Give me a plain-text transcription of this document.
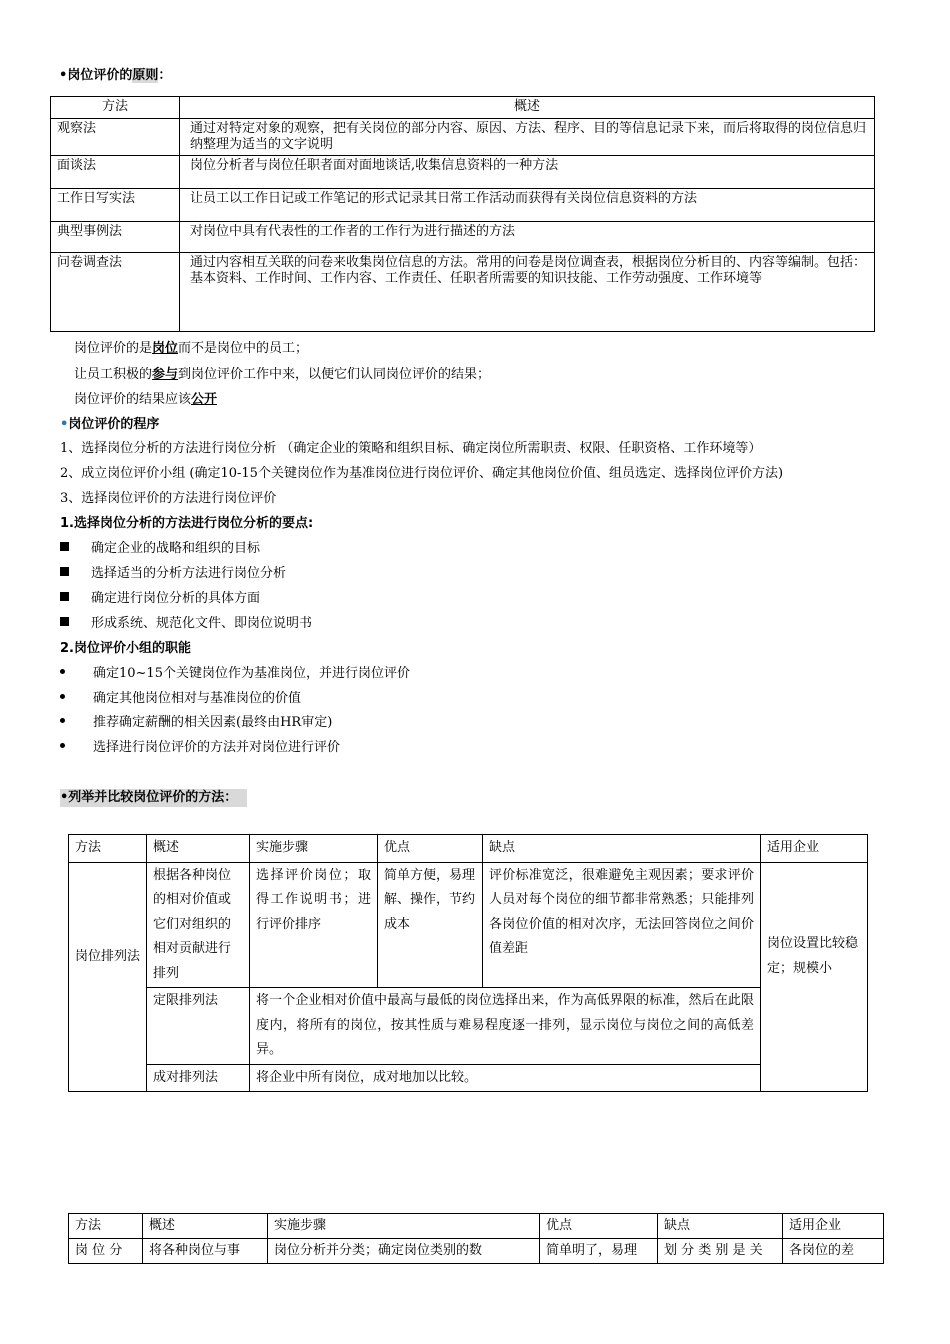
•岗位评价的原则：
方法	概述
观察法	通过对特定对象的观察，把有关岗位的部分内容、原因、方法、程序、目的等信息记录下来，而后将取得的岗位信息归纳整理为适当的文字说明
面谈法	岗位分析者与岗位任职者面对面地谈话,收集信息资料的一种方法
工作日写实法	让员工以工作日记或工作笔记的形式记录其日常工作活动而获得有关岗位信息资料的方法
典型事例法	对岗位中具有代表性的工作者的工作行为进行描述的方法
问卷调查法	通过内容相互关联的问卷来收集岗位信息的方法。常用的问卷是岗位调查表，根据岗位分析目的、内容等编制。包括：基本资料、工作时间、工作内容、工作责任、任职者所需要的知识技能、工作劳动强度、工作环境等
岗位评价的是岗位而不是岗位中的员工；
让员工积极的参与到岗位评价工作中来，以便它们认同岗位评价的结果；
岗位评价的结果应该公开
•岗位评价的程序
1、选择岗位分析的方法进行岗位分析 （确定企业的策略和组织目标、确定岗位所需职责、权限、任职资格、工作环境等）
2、成立岗位评价小组 (确定10-15个关键岗位作为基准岗位进行岗位评价、确定其他岗位价值、组员选定、选择岗位评价方法)
3、选择岗位评价的方法进行岗位评价
1.选择岗位分析的方法进行岗位分析的要点:
确定企业的战略和组织的目标
选择适当的分析方法进行岗位分析
确定进行岗位分析的具体方面
形成系统、规范化文件、即岗位说明书
2.岗位评价小组的职能
确定10~15个关键岗位作为基准岗位，并进行岗位评价
确定其他岗位相对与基准岗位的价值
推荐确定薪酬的相关因素(最终由HR审定)
选择进行岗位评价的方法并对岗位进行评价
•列举并比较岗位评价的方法：
方法	概述	实施步骤	优点	缺点	适用企业

岗位排列法	根据各种岗位的相对价值或它们对组织的相对贡献进行排列	选择评价岗位；取得工作说明书；进行评价排序	简单方便，易理解、操作，节约成本	评价标准宽泛，很难避免主观因素；要求评价人员对每个岗位的细节都非常熟悉；只能排列各岗位价值的相对次序，无法回答岗位之间价值差距	岗位设置比较稳定；规模小

	定限排列法	将一个企业相对价值中最高与最低的岗位选择出来，作为高低界限的标准，然后在此限度内，将所有的岗位，按其性质与难易程度逐一排列，显示岗位与岗位之间的高低差异。			
	成对排列法	将企业中所有岗位，成对地加以比较。			
方法	概述	实施步骤	优点	缺点	适用企业
岗 位 分	将各种岗位与事	岗位分析并分类；确定岗位类别的数	简单明了，易理	划 分 类 别 是 关	各岗位的差
